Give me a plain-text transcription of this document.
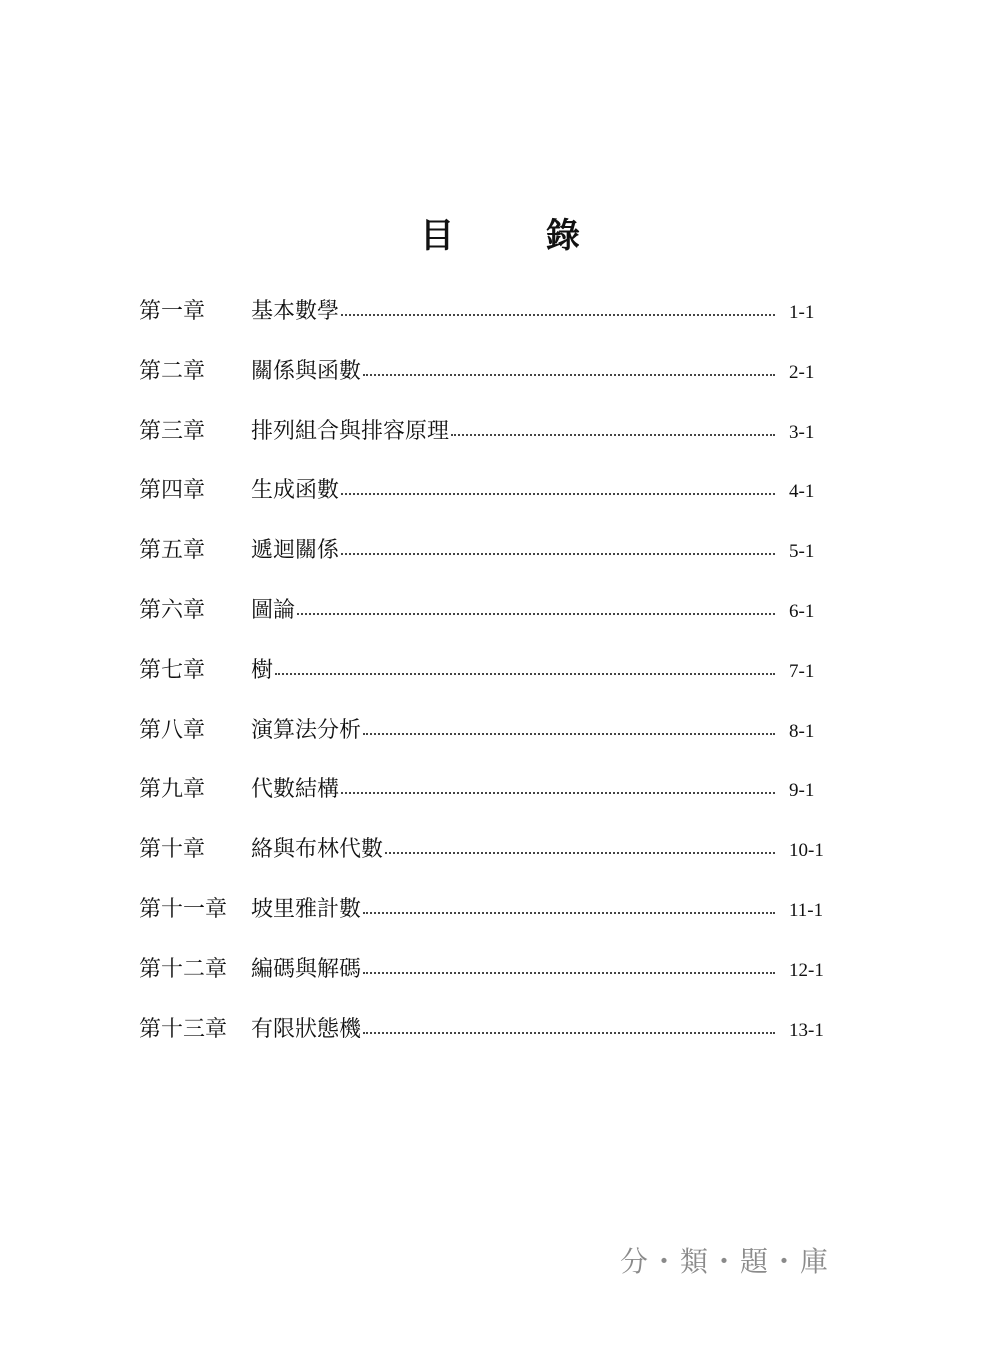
目 錄
第一章	基本數學	1-1
第二章	關係與函數	2-1
第三章	排列組合與排容原理	3-1
第四章	生成函數	4-1
第五章	遞迴關係	5-1
第六章	圖論	6-1
第七章	樹	7-1
第八章	演算法分析	8-1
第九章	代數結構	9-1
第十章	絡與布林代數	10-1
第十一章	坡里雅計數	11-1
第十二章	編碼與解碼	12-1
第十三章	有限狀態機	13-1
分・類・題・庫
